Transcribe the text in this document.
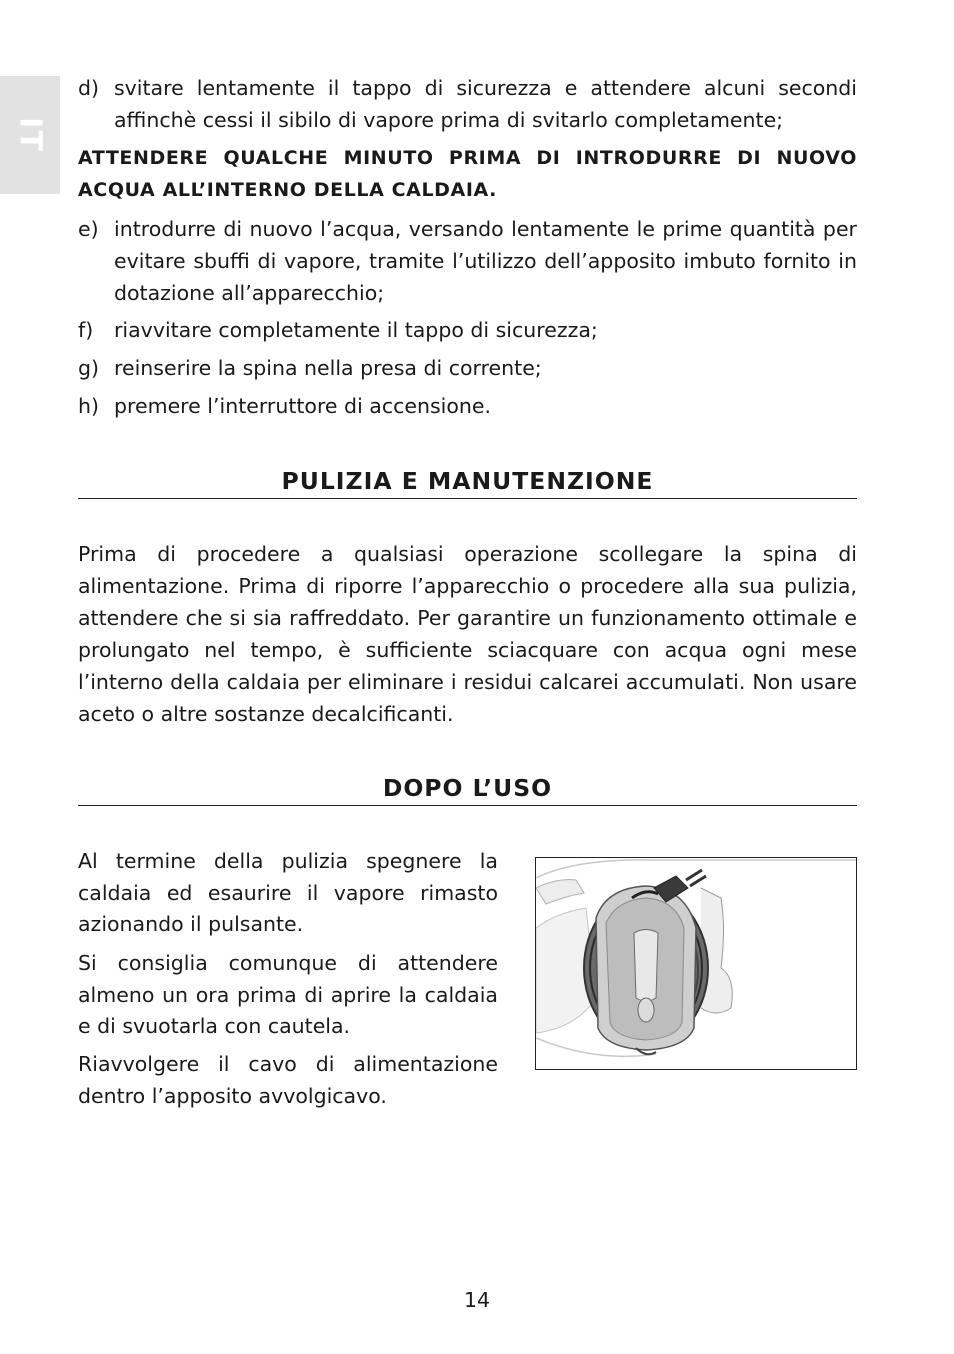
IT
d) svitare lentamente il tappo di sicurezza e attendere alcuni secondi affinchè cessi il sibilo di vapore prima di svitarlo completamente;
ATTENDERE QUALCHE MINUTO PRIMA DI INTRODURRE DI NUOVO ACQUA ALL’INTERNO DELLA CALDAIA.
e) introdurre di nuovo l’acqua, versando lentamente le prime quantità per evitare sbuffi di vapore, tramite l’utilizzo dell’apposito imbuto fornito in dotazione all’apparecchio;
f) riavvitare completamente il tappo di sicurezza;
g) reinserire la spina nella presa di corrente;
h) premere l’interruttore di accensione.
PULIZIA E MANUTENZIONE
Prima di procedere a qualsiasi operazione scollegare la spina di alimentazione. Prima di riporre l’apparecchio o procedere alla sua pulizia, attendere che si sia raffreddato. Per garantire un funzionamento ottimale e prolungato nel tempo, è sufficiente sciacquare con acqua ogni mese l’interno della caldaia per eliminare i residui calcarei accumulati. Non usare aceto o altre sostanze decalcificanti.
DOPO L’USO
Al termine della pulizia spegnere la caldaia ed esaurire il vapore rimasto azionando il pulsante.
Si consiglia comunque di attendere almeno un ora prima di aprire la caldaia e di svuotarla con cautela.
Riavvolgere il cavo di alimentazione dentro l’apposito avvolgicavo.
14
